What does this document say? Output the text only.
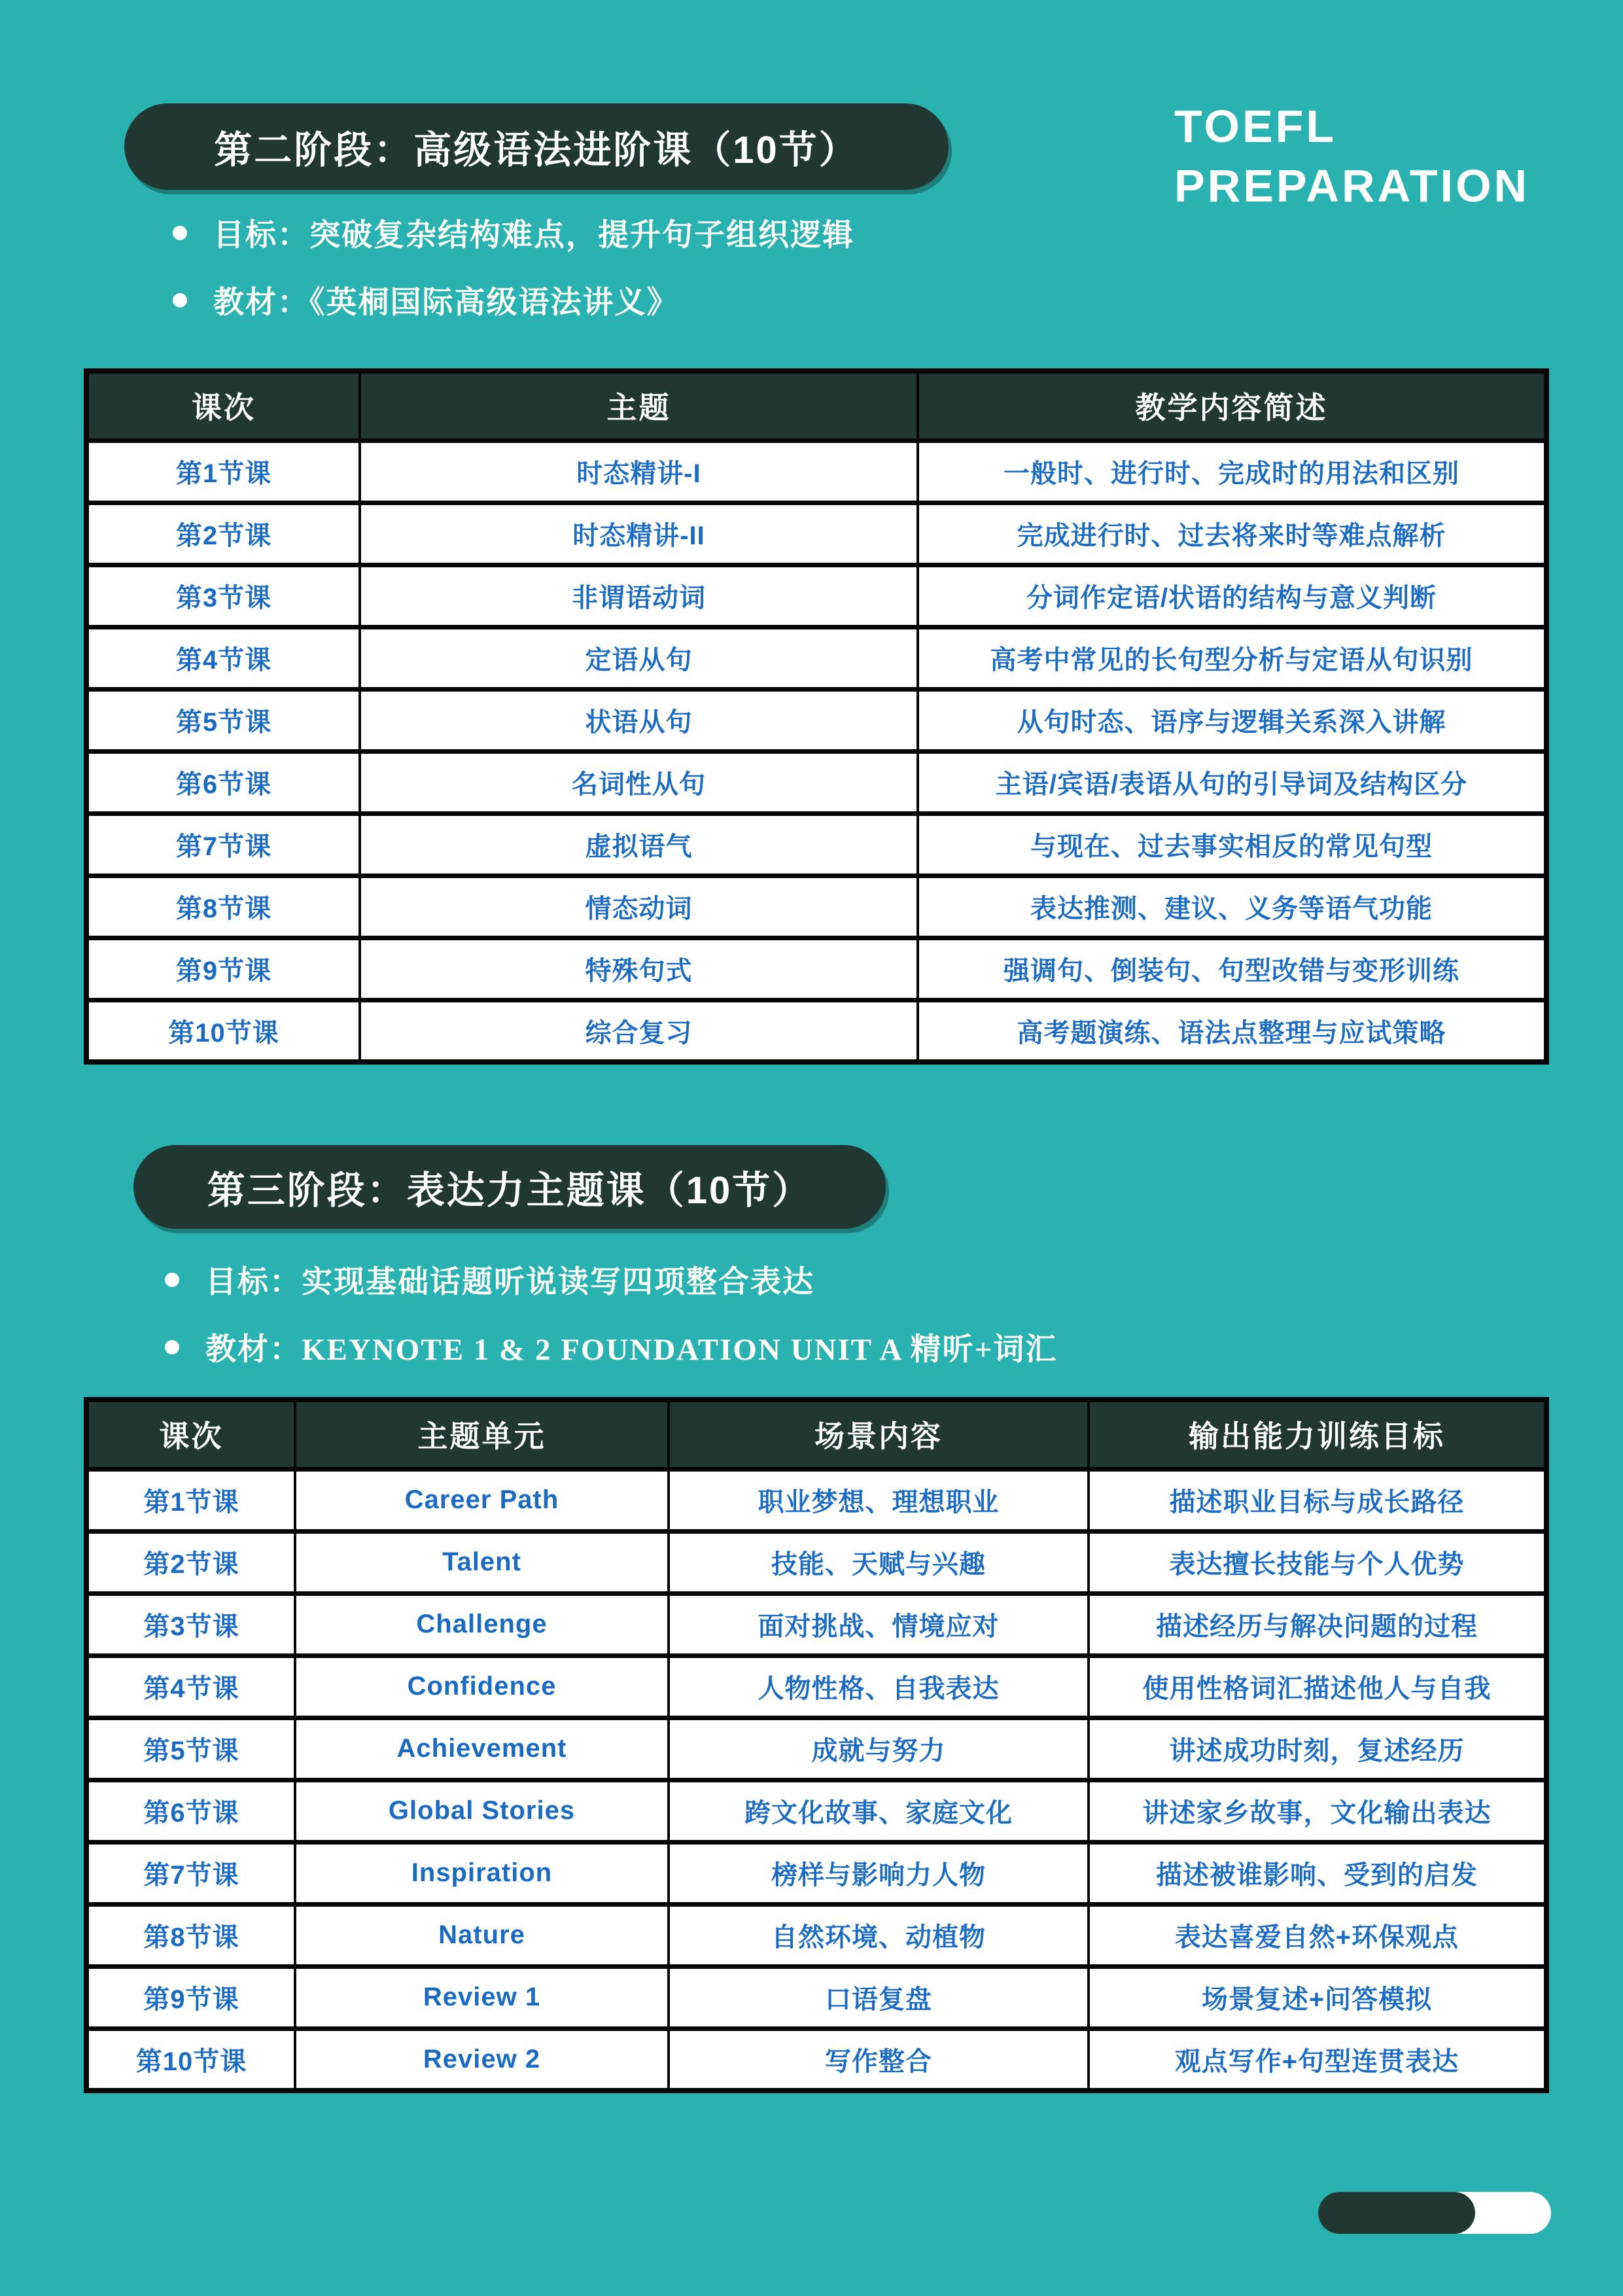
第二阶段：高级语法进阶课（10节）	TOEFL
PREPARATION
目标：突破复杂结构难点，提升句子组织逻辑
教材：《英桐国际高级语法讲义》
课次	主题	教学内容简述
第1节课	时态精讲-I	一般时、进行时、完成时的用法和区别
第2节课	时态精讲-II	完成进行时、过去将来时等难点解析
第3节课	非谓语动词	分词作定语/状语的结构与意义判断
第4节课	定语从句	高考中常见的长句型分析与定语从句识别
第5节课	状语从句	从句时态、语序与逻辑关系深入讲解
第6节课	名词性从句	主语/宾语/表语从句的引导词及结构区分
第7节课	虚拟语气	与现在、过去事实相反的常见句型
第8节课	情态动词	表达推测、建议、义务等语气功能
第9节课	特殊句式	强调句、倒装句、句型改错与变形训练
第10节课	综合复习	高考题演练、语法点整理与应试策略
第三阶段：表达力主题课（10节）
目标：实现基础话题听说读写四项整合表达
教材：KEYNOTE 1 & 2 FOUNDATION UNIT A 精听+词汇
课次	主题单元	场景内容	输出能力训练目标
第1节课	Career Path	职业梦想、理想职业	描述职业目标与成长路径
第2节课	Talent	技能、天赋与兴趣	表达擅长技能与个人优势
第3节课	Challenge	面对挑战、情境应对	描述经历与解决问题的过程
第4节课	Confidence	人物性格、自我表达	使用性格词汇描述他人与自我
第5节课	Achievement	成就与努力	讲述成功时刻，复述经历
第6节课	Global Stories	跨文化故事、家庭文化	讲述家乡故事，文化输出表达
第7节课	Inspiration	榜样与影响力人物	描述被谁影响、受到的启发
第8节课	Nature	自然环境、动植物	表达喜爱自然+环保观点
第9节课	Review 1	口语复盘	场景复述+问答模拟
第10节课	Review 2	写作整合	观点写作+句型连贯表达
